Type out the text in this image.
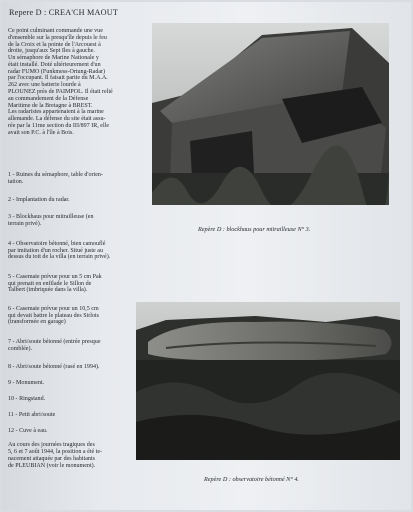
Repere D : CREA'CH MAOUT

Ce point culminant commande une vue
d'ensemble sur la presqu'île depuis le feu
de la Croix et la pointe de l'Arcouest à
droite, jusqu'aux Sept Iles à gauche.
Un sémaphore de Marine Nationale y
était installé. Doté ultérieurement d'un
radar FUMO (Funkmess-Ortung-Radar)
par l'occupant. Il faisait partie du M.A.A.
262 avec une batterie lourde à
PLOUNEZ près de PAIMPOL. Il était relié
au commandement de la Défense
Maritime de la Bretagne à BREST.
Les radaristes appartenaient à la marine
allemande. La défense du site était assu-
rée par la 11me section du III/897 IR, elle
avait son P.C. à l'île à Bois.
1 - Ruines du sémaphore, table d'orien-
tation.
2 - Implantation du radar.
3 - Blockhaus pour mitrailleuse (en
terrain privé).
4 - Observatoire bétonné, bien camouflé
par imitation d'un rocher. Situé juste au
dessus du toit de la villa (en terrain privé).
5 - Casemate prévue pour un 5 cm Pak
qui prenait en enfilade le Sillon de
Talbert (imbriquée dans la villa).
6 - Casemate prévue pour un 10,5 cm
qui devait battre le plateau des Sirlots
(transformée en garage)
7 - Abri/soute bétonné (entrée presque
comblée).
8 - Abri/soute bétonné (rasé en 1994).
9 - Monument.
10 - Ringstand.
11 - Petit abri/soute
12 - Cuve à eau.
Au cours des journées tragiques des
5, 6 et 7 août 1944, la position a été te-
nacement attaquée par des habitants
de PLEUBIAN (voir le monument).
Repère D : blockhaus pour mitrailleuse N° 3.
Repère D : observatoire bétonné N° 4.
